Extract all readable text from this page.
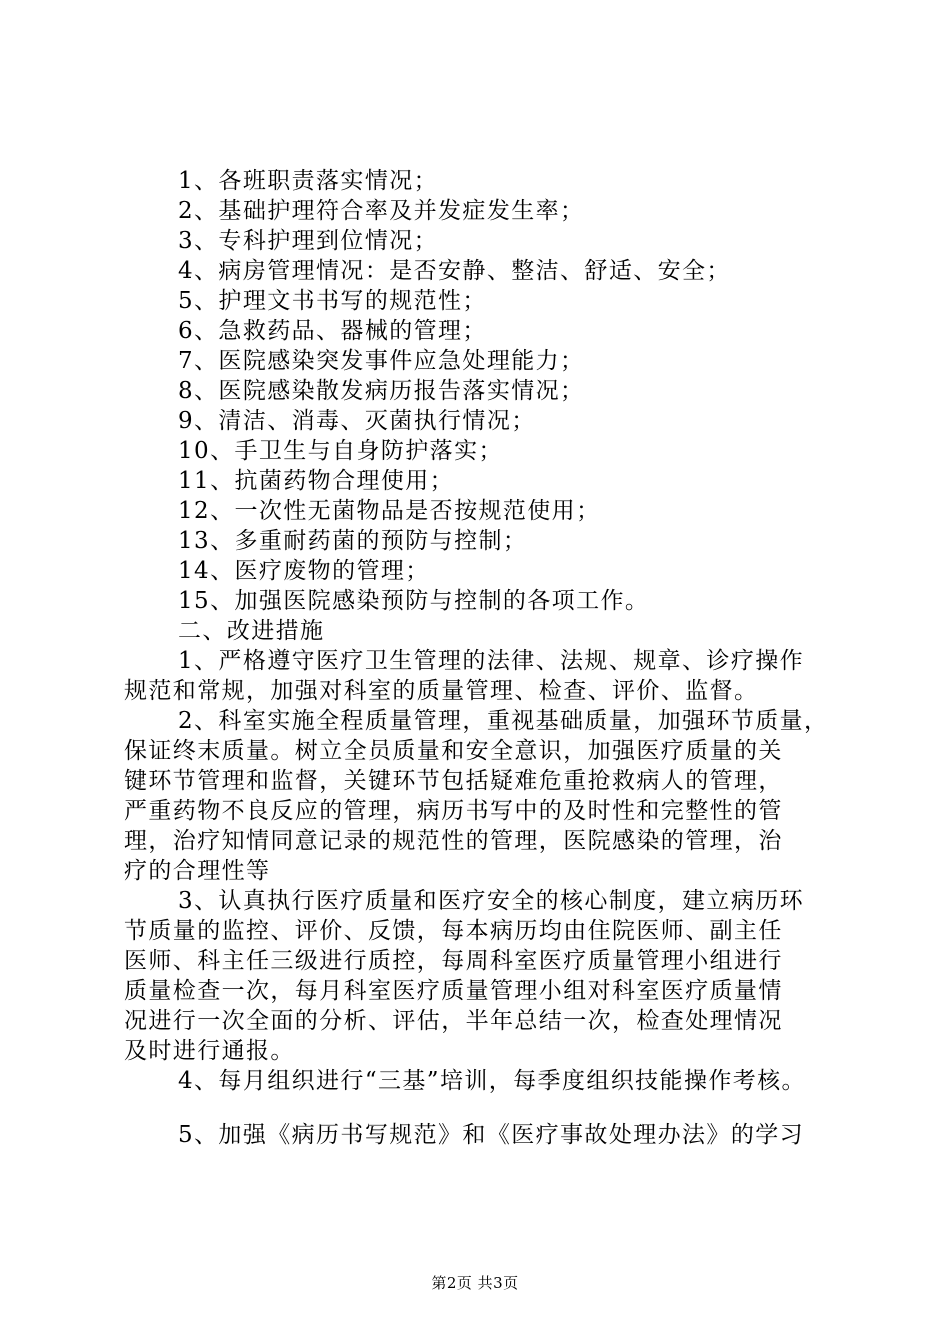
1、各班职责落实情况；
2、基础护理符合率及并发症发生率；
3、专科护理到位情况；
4、病房管理情况：是否安静、整洁、舒适、安全；
5、护理文书书写的规范性；
6、急救药品、器械的管理；
7、医院感染突发事件应急处理能力；
8、医院感染散发病历报告落实情况；
9、清洁、消毒、灭菌执行情况；
10、手卫生与自身防护落实；
11、抗菌药物合理使用；
12、一次性无菌物品是否按规范使用；
13、多重耐药菌的预防与控制；
14、医疗废物的管理；
15、加强医院感染预防与控制的各项工作。
二、改进措施
1、严格遵守医疗卫生管理的法律、法规、规章、诊疗操作
规范和常规，加强对科室的质量管理、检查、评价、监督。
2、科室实施全程质量管理，重视基础质量，加强环节质量，
保证终末质量。树立全员质量和安全意识，加强医疗质量的关
键环节管理和监督，关键环节包括疑难危重抢救病人的管理，
严重药物不良反应的管理，病历书写中的及时性和完整性的管
理，治疗知情同意记录的规范性的管理，医院感染的管理，治
疗的合理性等
3、认真执行医疗质量和医疗安全的核心制度，建立病历环
节质量的监控、评价、反馈，每本病历均由住院医师、副主任
医师、科主任三级进行质控，每周科室医疗质量管理小组进行
质量检查一次，每月科室医疗质量管理小组对科室医疗质量情
况进行一次全面的分析、评估，半年总结一次，检查处理情况
及时进行通报。
4、每月组织进行“三基”培训，每季度组织技能操作考核。
5、加强《病历书写规范》和《医疗事故处理办法》的学习
第2页 共3页
